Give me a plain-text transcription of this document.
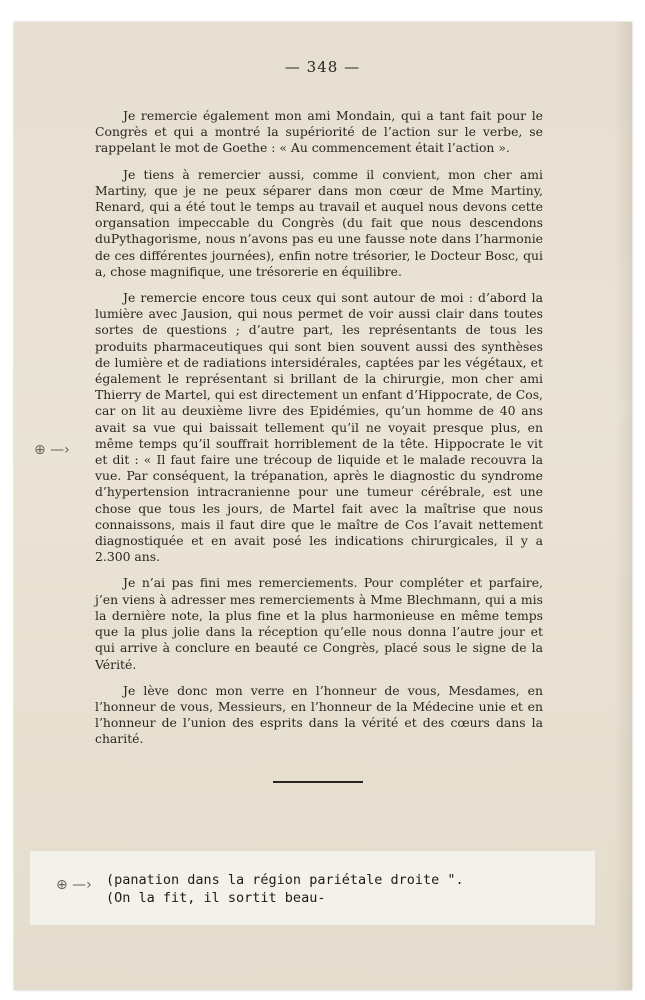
— 348 —

Je remercie également mon ami Mondain, qui a tant fait pour le Congrès et qui a montré la supériorité de l’action sur le verbe, se rappelant le mot de Goethe : « Au commencement était l’action ».

Je tiens à remercier aussi, comme il convient, mon cher ami Martiny, que je ne peux séparer dans mon cœur de Mme Martiny, Renard, qui a été tout le temps au travail et auquel nous devons cette organsation impeccable du Congrès (du fait que nous descendons duPythagorisme, nous n’avons pas eu une fausse note dans l’harmonie de ces différentes journées), enfin notre trésorier, le Docteur Bosc, qui a, chose magnifique, une trésorerie en équilibre.

Je remercie encore tous ceux qui sont autour de moi : d’abord la lumière avec Jausion, qui nous permet de voir aussi clair dans toutes sortes de questions ; d’autre part, les représentants de tous les produits pharmaceutiques qui sont bien souvent aussi des synthèses de lumière et de radiations intersidérales, captées par les végétaux, et également le représentant si brillant de la chirurgie, mon cher ami Thierry de Martel, qui est directement un enfant d’Hippocrate, de Cos, car on lit au deuxième livre des Epidémies, qu’un homme de 40 ans avait sa vue qui baissait tellement qu’il ne voyait presque plus, en même temps qu’il souffrait horriblement de la tête. Hippocrate le vit et dit : « Il faut faire une trécoup de liquide et le malade recouvra la vue. Par conséquent, la trépanation, après le diagnostic du syndrome d’hypertension intracranienne pour une tumeur cérébrale, est une chose que tous les jours, de Martel fait avec la maîtrise que nous connaissons, mais il faut dire que le maître de Cos l’avait nettement diagnostiquée et en avait posé les indications chirurgicales, il y a 2.300 ans.

Je n’ai pas fini mes remerciements. Pour compléter et parfaire, j’en viens à adresser mes remerciements à Mme Blechmann, qui a mis la dernière note, la plus fine et la plus harmonieuse en même temps que la plus jolie dans la réception qu’elle nous donna l’autre jour et qui arrive à conclure en beauté ce Congrès, placé sous le signe de la Vérité.

Je lève donc mon verre en l’honneur de vous, Mesdames, en l’honneur de vous, Messieurs, en l’honneur de la Médecine unie et en l’honneur de l’union des esprits dans la vérité et des cœurs dans la charité.

⊕ —›
⊕ —› (panation dans la région pariétale droite ".
(On la fit, il sortit beau-
